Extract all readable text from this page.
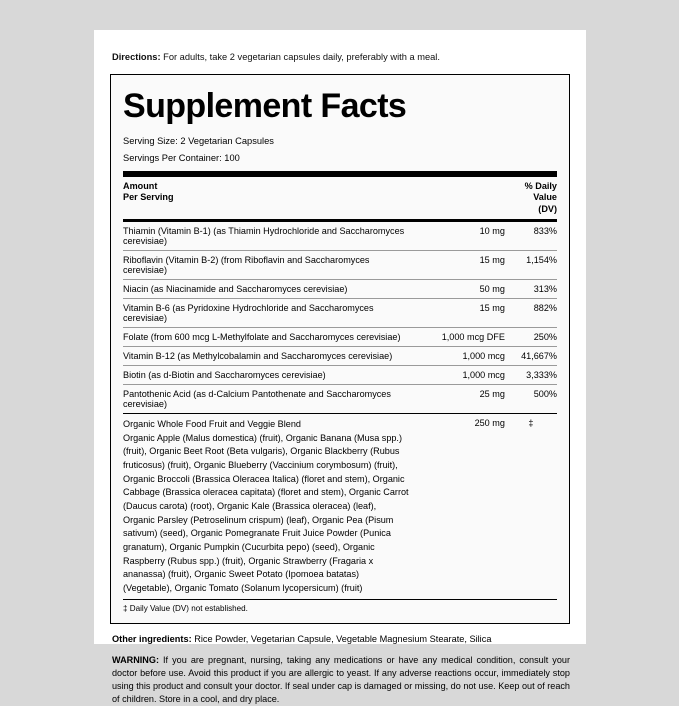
Directions: For adults, take 2 vegetarian capsules daily, preferably with a meal.
Supplement Facts
Serving Size: 2 Vegetarian Capsules
Servings Per Container: 100
Amount
Per Serving

% Daily
Value
(DV)
Thiamin (Vitamin B-1) (as Thiamin Hydrochloride and Saccharomyces cerevisiae)	10 mg	833%
Riboflavin (Vitamin B-2) (from Riboflavin and Saccharomyces cerevisiae)	15 mg	1,154%
Niacin (as Niacinamide and Saccharomyces cerevisiae)	50 mg	313%
Vitamin B-6 (as Pyridoxine Hydrochloride and Saccharomyces cerevisiae)	15 mg	882%
Folate (from 600 mcg L-Methylfolate and Saccharomyces cerevisiae)	1,000 mcg DFE	250%
Vitamin B-12 (as Methylcobalamin and Saccharomyces cerevisiae)	1,000 mcg	41,667%
Biotin (as d-Biotin and Saccharomyces cerevisiae)	1,000 mcg	3,333%
Pantothenic Acid (as d-Calcium Pantothenate and Saccharomyces cerevisiae)	25 mg	500%
Organic Whole Food Fruit and Veggie Blend
Organic Apple (Malus domestica) (fruit), Organic Banana (Musa spp.) (fruit), Organic Beet Root (Beta vulgaris), Organic Blackberry (Rubus fruticosus) (fruit), Organic Blueberry (Vaccinium corymbosum) (fruit), Organic Broccoli (Brassica Oleracea Italica) (floret and stem), Organic Cabbage (Brassica oleracea capitata) (floret and stem), Organic Carrot (Daucus carota) (root), Organic Kale (Brassica oleracea) (leaf), Organic Parsley (Petroselinum crispum) (leaf), Organic Pea (Pisum sativum) (seed), Organic Pomegranate Fruit Juice Powder (Punica granatum), Organic Pumpkin (Cucurbita pepo) (seed), Organic Raspberry (Rubus spp.) (fruit), Organic Strawberry (Fragaria x ananassa) (fruit), Organic Sweet Potato (Ipomoea batatas) (Vegetable), Organic Tomato (Solanum lycopersicum) (fruit)	250 mg	‡
‡ Daily Value (DV) not established.
Other ingredients: Rice Powder, Vegetarian Capsule, Vegetable Magnesium Stearate, Silica
WARNING: If you are pregnant, nursing, taking any medications or have any medical condition, consult your doctor before use. Avoid this product if you are allergic to yeast. If any adverse reactions occur, immediately stop using this product and consult your doctor. If seal under cap is damaged or missing, do not use. Keep out of reach of children. Store in a cool, and dry place.
